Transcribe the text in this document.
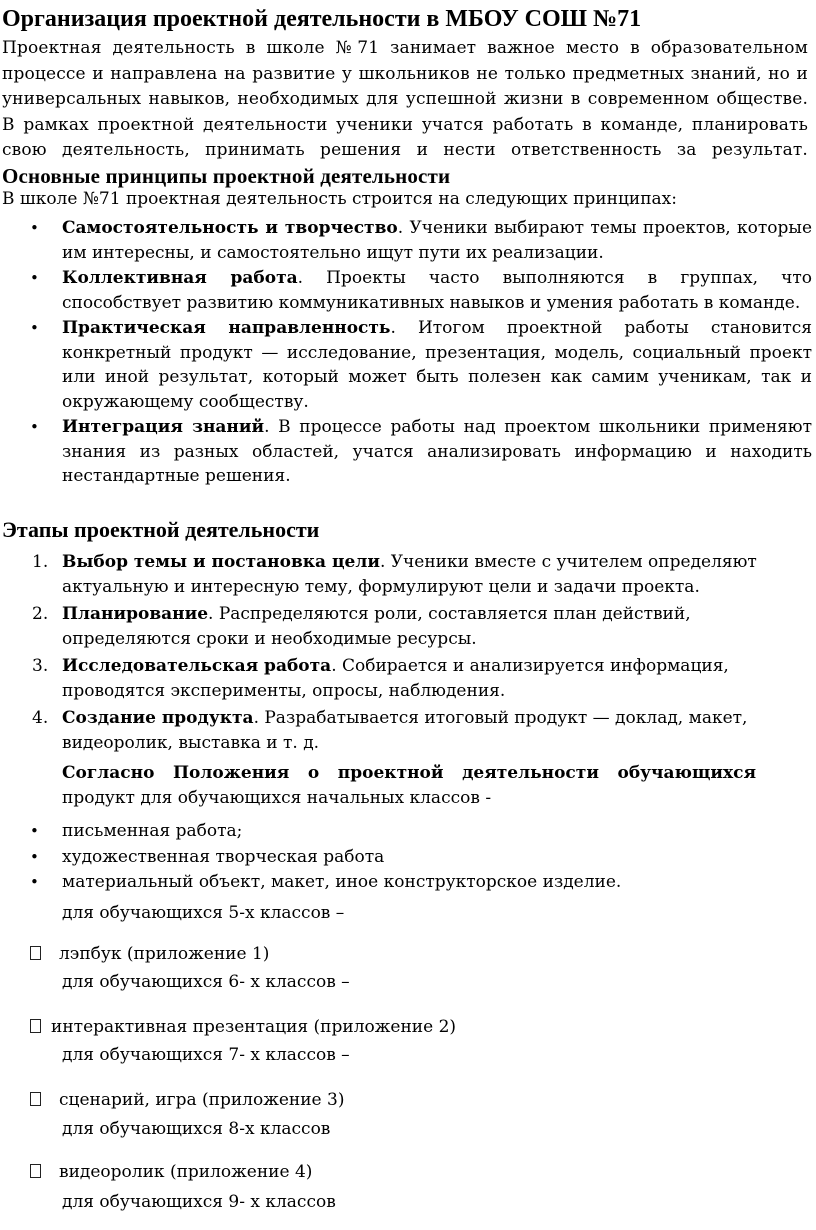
Организация проектной деятельности в МБОУ СОШ №71
Проектная деятельность в школе №71 занимает важное место в образовательном процессе и направлена на развитие у школьников не только предметных знаний, но и универсальных навыков, необходимых для успешной жизни в современном обществе. В рамках проектной деятельности ученики учатся работать в команде, планировать свою деятельность, принимать решения и нести ответственность за результат. Основные принципы проектной деятельности
В школе №71 проектная деятельность строится на следующих принципах:
• Самостоятельность и творчество. Ученики выбирают темы проектов, которые им интересны, и самостоятельно ищут пути их реализации.
• Коллективная работа. Проекты часто выполняются в группах, что способствует развитию коммуникативных навыков и умения работать в команде.
• Практическая направленность. Итогом проектной работы становится конкретный продукт — исследование, презентация, модель, социальный проект или иной результат, который может быть полезен как самим ученикам, так и окружающему сообществу.
• Интеграция знаний. В процессе работы над проектом школьники применяют знания из разных областей, учатся анализировать информацию и находить нестандартные решения.
Этапы проектной деятельности
1. Выбор темы и постановка цели. Ученики вместе с учителем определяют актуальную и интересную тему, формулируют цели и задачи проекта.
2. Планирование. Распределяются роли, составляется план действий, определяются сроки и необходимые ресурсы.
3. Исследовательская работа. Собирается и анализируется информация, проводятся эксперименты, опросы, наблюдения.
4. Создание продукта. Разрабатывается итоговый продукт — доклад, макет, видеоролик, выставка и т. д.
Согласно Положения о проектной деятельности обучающихся
продукт для обучающихся начальных классов -
• письменная работа;
• художественная творческая работа
• материальный объект, макет, иное конструкторское изделие.
для обучающихся 5-х классов –
лэпбук (приложение 1)
для обучающихся 6- х классов –
интерактивная презентация (приложение 2)
для обучающихся 7- х классов –
сценарий, игра (приложение 3)
для обучающихся 8-х классов
видеоролик (приложение 4)
для обучающихся 9- х классов
